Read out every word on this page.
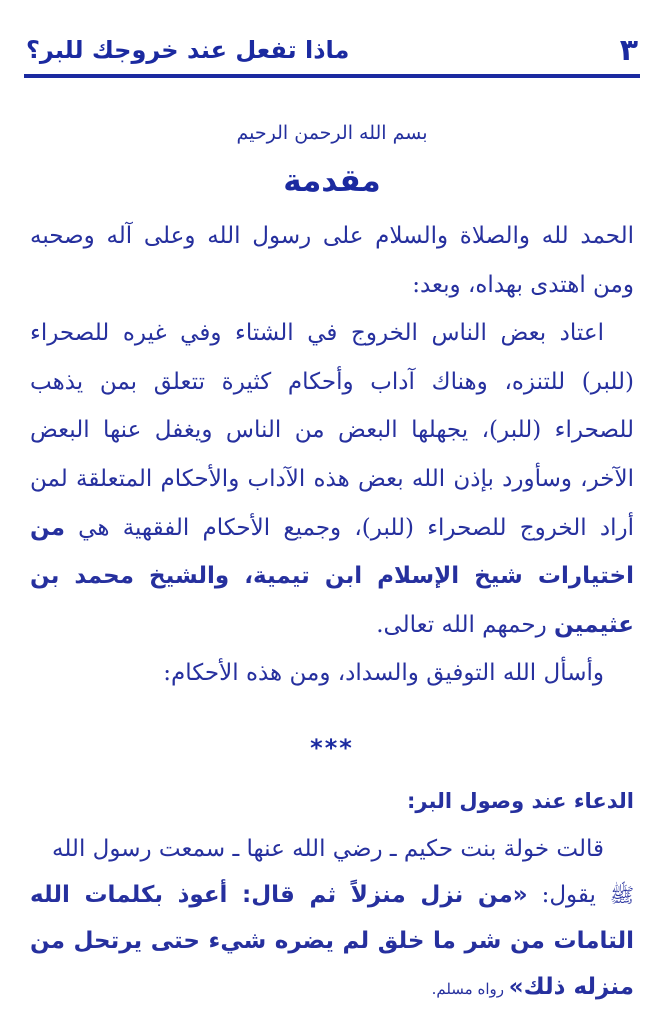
٣
ماذا تفعل عند خروجك للبر؟
بسم الله الرحمن الرحيم
مقدمة

الحمد لله والصلاة والسلام على رسول الله وعلى آله وصحبه ومن اهتدى بهداه، وبعد:

اعتاد بعض الناس الخروج في الشتاء وفي غيره للصحراء (للبر) للتنزه، وهناك آداب وأحكام كثيرة تتعلق بمن يذهب للصحراء (للبر)، يجهلها البعض من الناس ويغفل عنها البعض الآخر، وسأورد بإذن الله بعض هذه الآداب والأحكام المتعلقة لمن أراد الخروج للصحراء (للبر)، وجميع الأحكام الفقهية هي من اختيارات شيخ الإسلام ابن تيمية، والشيخ محمد بن عثيمين رحمهم الله تعالى.

وأسأل الله التوفيق والسداد، ومن هذه الأحكام:

***
الدعاء عند وصول البر:

قالت خولة بنت حكيم ـ رضي الله عنها ـ سمعت رسول الله

ﷺ يقول: «من نزل منزلاً ثم قال: أعوذ بكلمات الله التامات من شر ما خلق لم يضره شيء حتى يرتحل من منزله ذلك» رواه مسلم.
